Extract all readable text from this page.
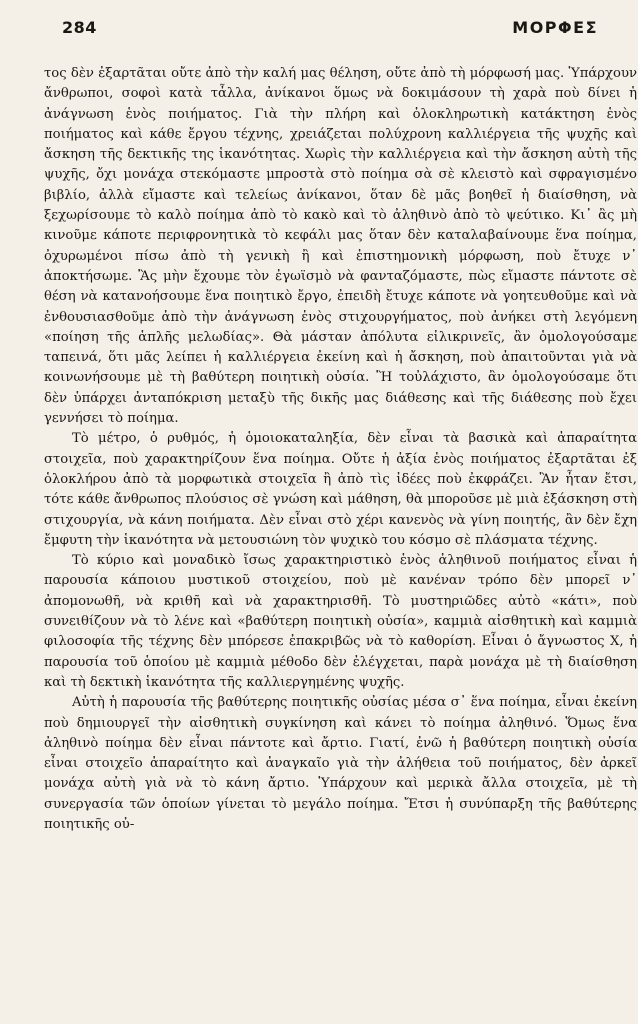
284	ΜΟΡΦΕΣ

τος δὲν ἐξαρτᾶται οὔτε ἀπὸ τὴν καλή μας θέληση, οὔτε ἀπὸ τὴ μόρφωσή μας. Ὑπάρχουν ἄνθρωποι, σοφοὶ κατὰ τἆλλα, ἀνίκανοι ὅμως νὰ δοκιμάσουν τὴ χαρὰ ποὺ δίνει ἡ ἀνάγνωση ἑνὸς ποιήματος. Γιὰ τὴν πλήρη καὶ ὁλοκληρωτικὴ κατάκτηση ἑνὸς ποιήματος καὶ κάθε ἔργου τέχνης, χρειάζεται πολύχρονη καλλιέργεια τῆς ψυχῆς καὶ ἄσκηση τῆς δεκτικῆς της ἱκανότητας. Χωρὶς τὴν καλλιέργεια καὶ τὴν ἄσκηση αὐτὴ τῆς ψυχῆς, ὄχι μονάχα στεκόμαστε μπροστὰ στὸ ποίημα σὰ σὲ κλειστὸ καὶ σφραγισμένο βιβλίο, ἀλλὰ εἴμαστε καὶ τελείως ἀνίκανοι, ὅταν δὲ μᾶς βοηθεῖ ἡ διαίσθηση, νὰ ξεχωρίσουμε τὸ καλὸ ποίημα ἀπὸ τὸ κακὸ καὶ τὸ ἀληθινὸ ἀπὸ τὸ ψεύτικο. Κι᾽ ἂς μὴ κινοῦμε κάποτε περιφρονητικὰ τὸ κεφάλι μας ὅταν δὲν καταλαβαίνουμε ἕνα ποίημα, ὀχυρωμένοι πίσω ἀπὸ τὴ γενικὴ ἢ καὶ ἐπιστημονικὴ μόρφωση, ποὺ ἔτυχε ν᾽ ἀποκτήσωμε. Ἂς μὴν ἔχουμε τὸν ἐγωϊσμὸ νὰ φανταζόμαστε, πὼς εἴμαστε πάντοτε σὲ θέση νὰ κατανοήσουμε ἕνα ποιητικὸ ἔργο, ἐπειδὴ ἔτυχε κάποτε νὰ γοητευθοῦμε καὶ νὰ ἐνθουσιασθοῦμε ἀπὸ τὴν ἀνάγνωση ἑνὸς στιχουργήματος, ποὺ ἀνήκει στὴ λεγόμενη «ποίηση τῆς ἁπλῆς μελωδίας». Θὰ μάσταν ἀπόλυτα εἰλικρινεῖς, ἂν ὁμολογούσαμε ταπεινά, ὅτι μᾶς λείπει ἡ καλλιέργεια ἐκείνη καὶ ἡ ἄσκηση, ποὺ ἀπαιτοῦνται γιὰ νὰ κοινωνήσουμε μὲ τὴ βαθύτερη ποιητικὴ οὐσία. Ἢ τοὐλάχιστο, ἂν ὁμολογούσαμε ὅτι δὲν ὑπάρχει ἀνταπόκριση μεταξὺ τῆς δικῆς μας διάθεσης καὶ τῆς διάθεσης ποὺ ἔχει γεννήσει τὸ ποίημα.

Τὸ μέτρο, ὁ ρυθμός, ἡ ὁμοιοκαταληξία, δὲν εἶναι τὰ βασικὰ καὶ ἀπαραίτητα στοιχεῖα, ποὺ χαρακτηρίζουν ἕνα ποίημα. Οὔτε ἡ ἀξία ἑνὸς ποιήματος ἐξαρτᾶται ἐξ ὁλοκλήρου ἀπὸ τὰ μορφωτικὰ στοιχεῖα ἢ ἀπὸ τὶς ἰδέες ποὺ ἐκφράζει. Ἂν ἦταν ἔτσι, τότε κάθε ἄνθρωπος πλούσιος σὲ γνώση καὶ μάθηση, θὰ μποροῦσε μὲ μιὰ ἐξάσκηση στὴ στιχουργία, νὰ κάνη ποιήματα. Δὲν εἶναι στὸ χέρι κανενὸς νὰ γίνη ποιητής, ἂν δὲν ἔχη ἔμφυτη τὴν ἱκανότητα νὰ μετουσιώνη τὸν ψυχικὸ του κόσμο σὲ πλάσματα τέχνης.

Τὸ κύριο καὶ μοναδικὸ ἴσως χαρακτηριστικὸ ἑνὸς ἀληθινοῦ ποιήματος εἶναι ἡ παρουσία κάποιου μυστικοῦ στοιχείου, ποὺ μὲ κανέναν τρόπο δὲν μπορεῖ ν᾽ ἀπομονωθῆ, νὰ κριθῆ καὶ νὰ χαρακτηρισθῆ. Τὸ μυστηριῶδες αὐτὸ «κάτι», ποὺ συνειθίζουν νὰ τὸ λένε καὶ «βαθύτερη ποιητικὴ οὐσία», καμμιὰ αἰσθητικὴ καὶ καμμιὰ φιλοσοφία τῆς τέχνης δὲν μπόρεσε ἐπακριβῶς νὰ τὸ καθορίση. Εἶναι ὁ ἄγνωστος Χ, ἡ παρουσία τοῦ ὁποίου μὲ καμμιὰ μέθοδο δὲν ἐλέγχεται, παρὰ μονάχα μὲ τὴ διαίσθηση καὶ τὴ δεκτικὴ ἱκανότητα τῆς καλλιεργημένης ψυχῆς.

Αὐτὴ ἡ παρουσία τῆς βαθύτερης ποιητικῆς οὐσίας μέσα σ᾽ ἕνα ποίημα, εἶναι ἐκείνη ποὺ δημιουργεῖ τὴν αἰσθητικὴ συγκίνηση καὶ κάνει τὸ ποίημα ἀληθινό. Ὅμως ἕνα ἀληθινὸ ποίημα δὲν εἶναι πάντοτε καὶ ἄρτιο. Γιατί, ἐνῶ ἡ βαθύτερη ποιητικὴ οὐσία εἶναι στοιχεῖο ἀπαραίτητο καὶ ἀναγκαῖο γιὰ τὴν ἀλήθεια τοῦ ποιήματος, δὲν ἀρκεῖ μονάχα αὐτὴ γιὰ νὰ τὸ κάνη ἄρτιο. Ὑπάρχουν καὶ μερικὰ ἄλλα στοιχεῖα, μὲ τὴ συνεργασία τῶν ὁποίων γίνεται τὸ μεγάλο ποίημα. Ἔτσι ἡ συνύπαρξη τῆς βαθύτερης ποιητικῆς οὐ-
